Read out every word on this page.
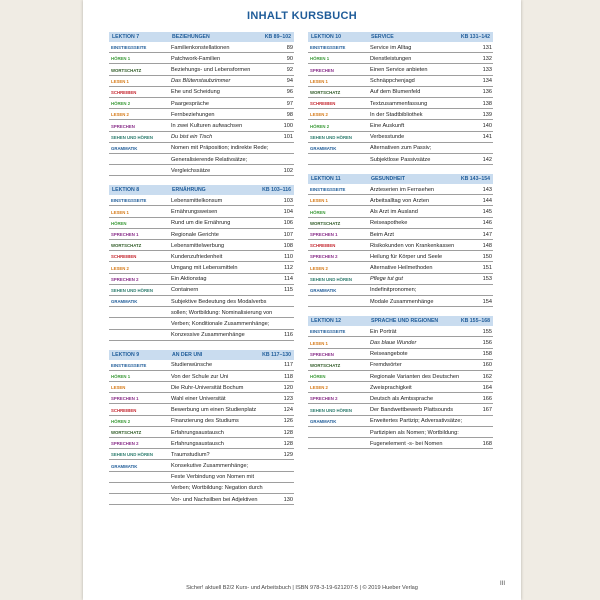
INHALT KURSBUCH
LEKTION 7	BEZIEHUNGEN	KB 89–102
EINSTIEGSSEITE	Familienkonstellationen	89
HÖREN 1	Patchwork-Familien	90
WORTSCHATZ	Beziehungs- und Lebensformen	92
LESEN 1	Das Blütenstaubzimmer	94
SCHREIBEN	Ehe und Scheidung	96
HÖREN 2	Paargespräche	97
LESEN 2	Fernbeziehungen	98
SPRECHEN	In zwei Kulturen aufwachsen	100
SEHEN UND HÖREN	Du bist ein Tisch	101
GRAMMATIK	Nomen mit Präposition; indirekte Rede;
Generalisierende Relativsätze;
Vergleichssätze	102
LEKTION 8	ERNÄHRUNG	KB 103–116
EINSTIEGSSEITE	Lebensmittelkonsum	103
LESEN 1	Ernährungsweisen	104
HÖREN	Rund um die Ernährung	106
SPRECHEN 1	Regionale Gerichte	107
WORTSCHATZ	Lebensmittelwerbung	108
SCHREIBEN	Kundenzufriedenheit	110
LESEN 2	Umgang mit Lebensmitteln	112
SPRECHEN 2	Ein Aktionstag	114
SEHEN UND HÖREN	Containern	115
GRAMMATIK	Subjektive Bedeutung des Modalverbs
sollen; Wortbildung: Nominalisierung von
Verben; Konditionale Zusammenhänge;
Konzessive Zusammenhänge	116
LEKTION 9	AN DER UNI	KB 117–130
EINSTIEGSSEITE	Studienwünsche	117
HÖREN 1	Von der Schule zur Uni	118
LESEN	Die Ruhr-Universität Bochum	120
SPRECHEN 1	Wahl einer Universität	123
SCHREIBEN	Bewerbung um einen Studienplatz	124
HÖREN 2	Finanzierung des Studiums	126
WORTSCHATZ	Erfahrungsaustausch	128
SPRECHEN 2	Erfahrungsaustausch	128
SEHEN UND HÖREN	Traumstudium?	129
GRAMMATIK	Konsekutive Zusammenhänge;
Feste Verbindung von Nomen mit
Verben; Wortbildung: Negation durch
Vor- und Nachsilben bei Adjektiven	130
LEKTION 10	SERVICE	KB 131–142
EINSTIEGSSEITE	Service im Alltag	131
HÖREN 1	Dienstleistungen	132
SPRECHEN	Einen Service anbieten	133
LESEN 1	Schnäppchenjagd	134
WORTSCHATZ	Auf dem Blumenfeld	136
SCHREIBEN	Textzusammenfassung	138
LESEN 2	In der Stadtbibliothek	139
HÖREN 2	Eine Auskunft	140
SEHEN UND HÖREN	Verbesstunde	141
GRAMMATIK	Alternativen zum Passiv;
Subjektlose Passivsätze	142
LEKTION 11	GESUNDHEIT	KB 143–154
EINSTIEGSSEITE	Ärzteserien im Fernsehen	143
LESEN 1	Arbeitsalltag von Ärzten	144
HÖREN	Als Arzt im Ausland	145
WORTSCHATZ	Reiseapotheke	146
SPRECHEN 1	Beim Arzt	147
SCHREIBEN	Risikokunden von Krankenkassen	148
SPRECHEN 2	Heilung für Körper und Seele	150
LESEN 2	Alternative Heilmethoden	151
SEHEN UND HÖREN	Pflege tut gut	153
GRAMMATIK	Indefinitpronomen;
Modale Zusammenhänge	154
LEKTION 12	SPRACHE UND REGIONEN	KB 155–168
EINSTIEGSSEITE	Ein Porträt	155
LESEN 1	Das blaue Wunder	156
SPRECHEN	Reiseangebote	158
WORTSCHATZ	Fremdwörter	160
HÖREN	Regionale Varianten des Deutschen	162
LESEN 2	Zweisprachigkeit	164
SPRECHEN 2	Deutsch als Amtssprache	166
SEHEN UND HÖREN	Der Bandwettbewerb Plattsounds	167
GRAMMATIK	Erweitertes Partizip; Adversativsätze;
Partizipien als Nomen; Wortbildung:
Fugenelement -s- bei Nomen	168
Sicher! aktuell B2/2 Kurs- und Arbeitsbuch | ISBN 978-3-19-621207-5 | © 2019 Hueber Verlag
III
